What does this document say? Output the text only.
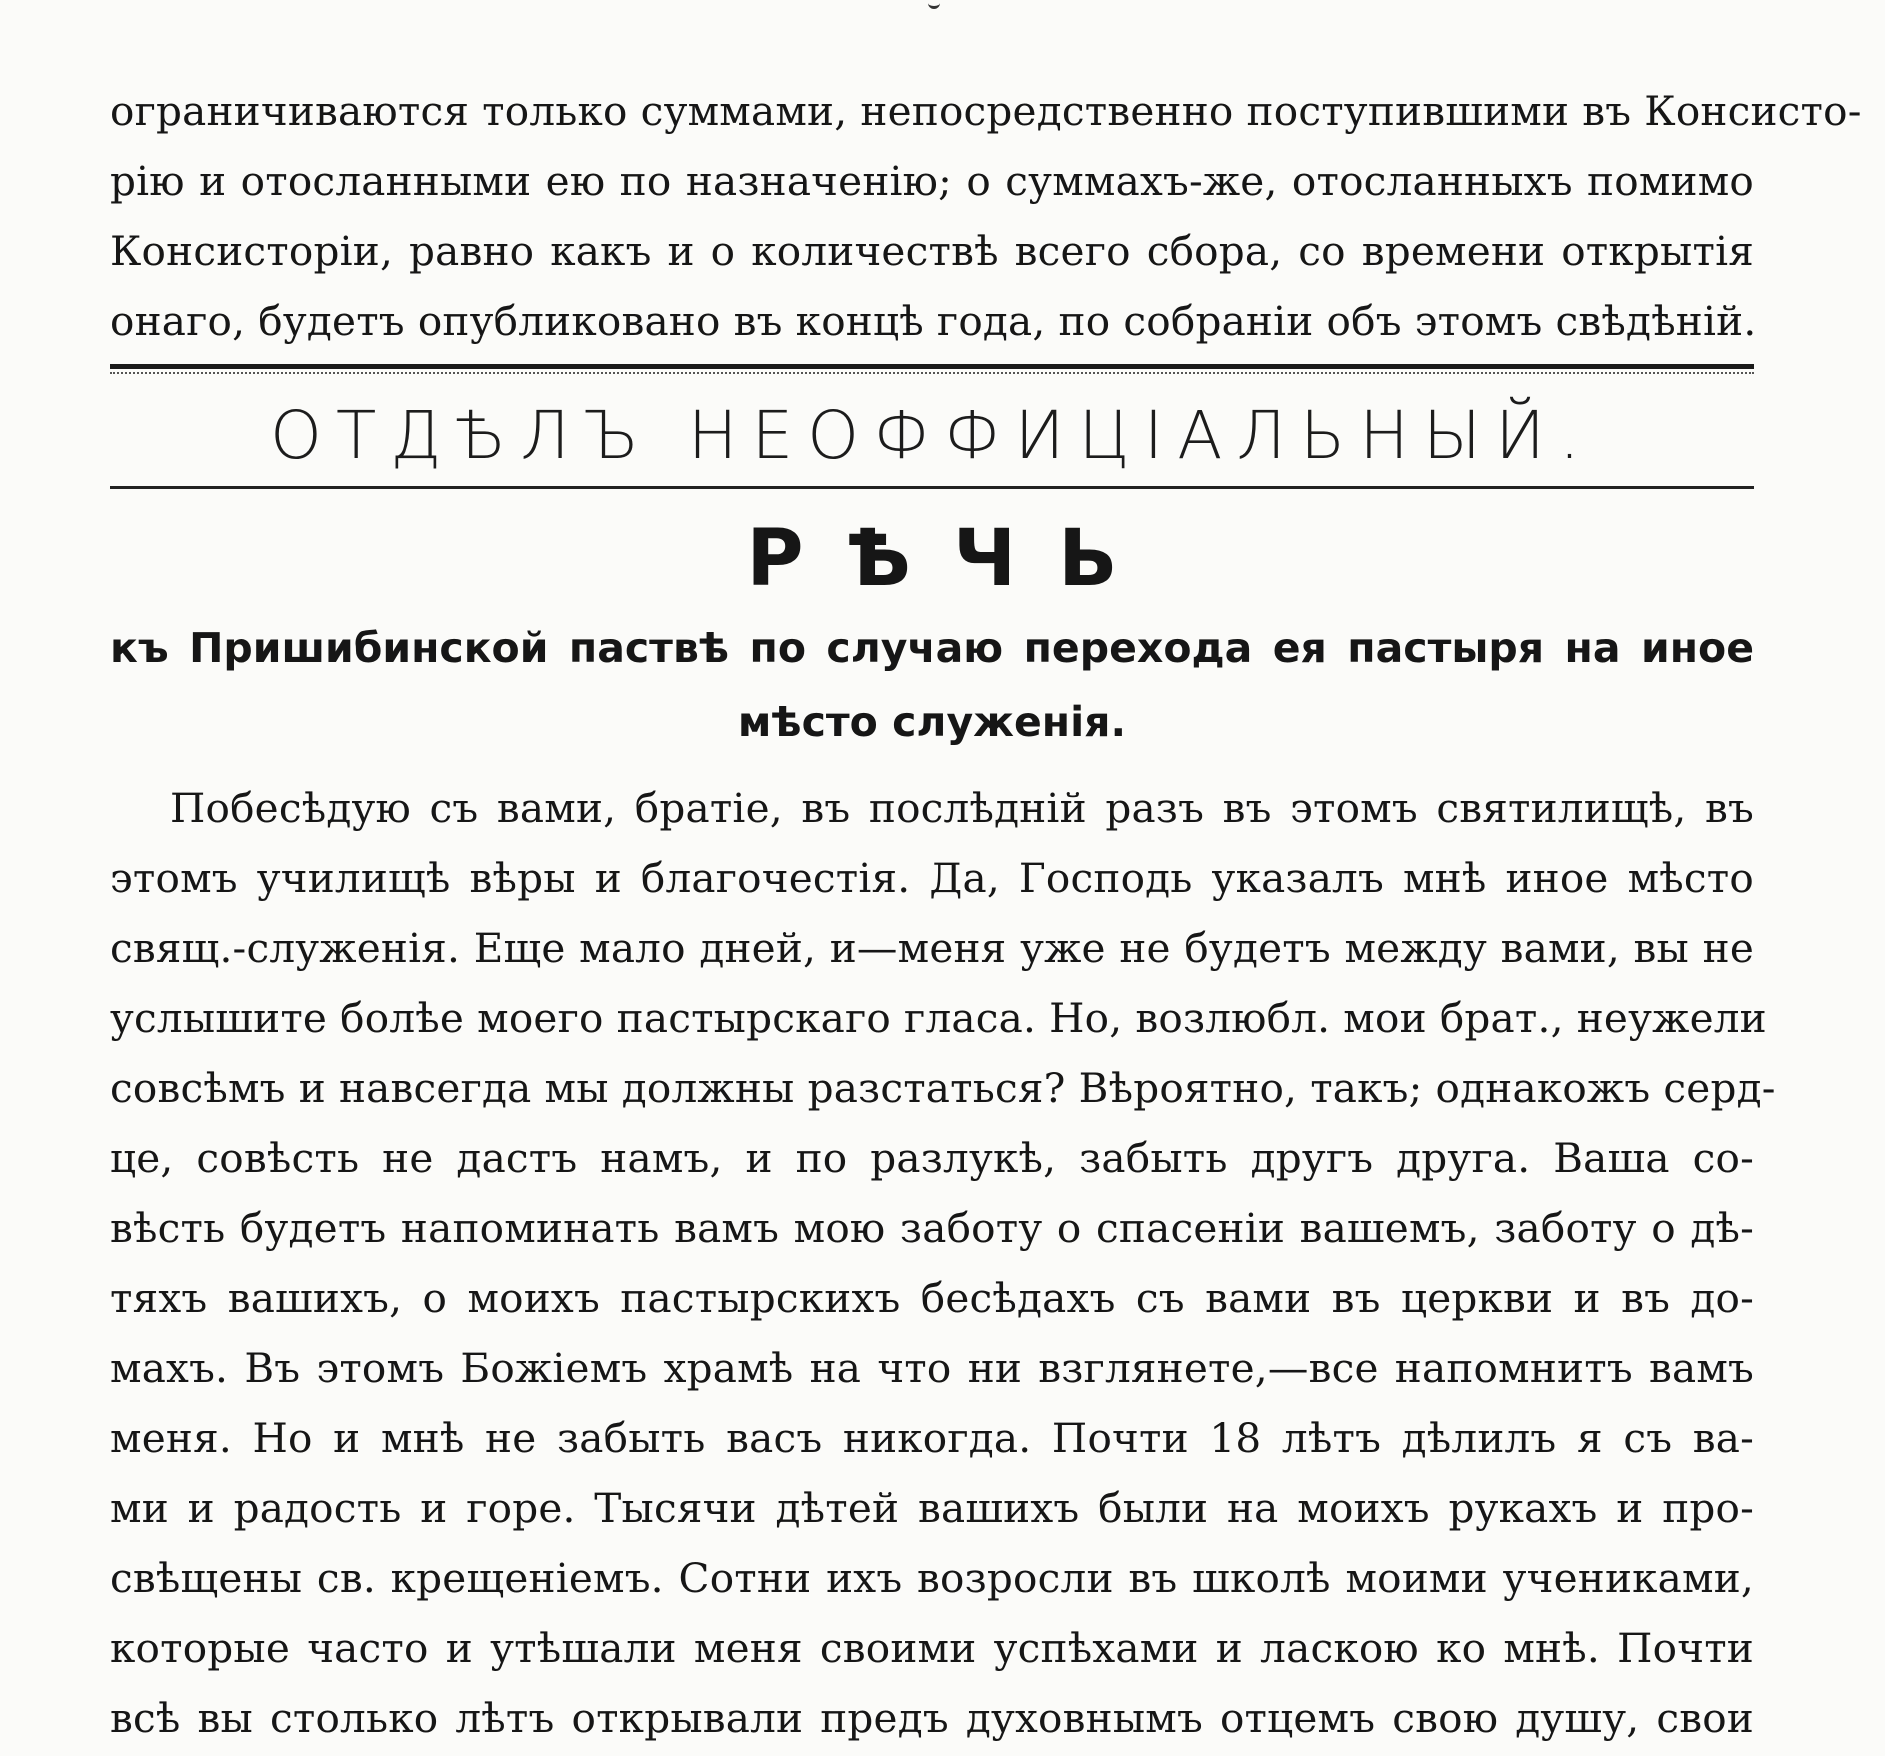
ограничиваются только суммами, непосредственно поступившими въ Консисто-
рію и отосланными ею по назначенію; о суммахъ-же, отосланныхъ помимо
Консисторіи, равно какъ и о количествѣ всего сбора, со времени открытія
онаго, будетъ опубликовано въ концѣ года, по собраніи объ этомъ свѣдѣній.
ОТДѢЛЪ НЕОФФИЦІАЛЬНЫЙ.
РѢЧЬ
къ Пришибинской паствѣ по случаю перехода ея пастыря на иное
мѣсто служенія.
Побесѣдую съ вами, братіе, въ послѣдній разъ въ этомъ святилищѣ, въ
этомъ училищѣ вѣры и благочестія. Да, Господь указалъ мнѣ иное мѣсто
свящ.-служенія. Еще мало дней, и—меня уже не будетъ между вами, вы не
услышите болѣе моего пастырскаго гласа. Но, возлюбл. мои брат., неужели
совсѣмъ и навсегда мы должны разстаться? Вѣроятно, такъ; однакожъ серд-
це, совѣсть не дастъ намъ, и по разлукѣ, забыть другъ друга. Ваша со-
вѣсть будетъ напоминать вамъ мою заботу о спасеніи вашемъ, заботу о дѣ-
тяхъ вашихъ, о моихъ пастырскихъ бесѣдахъ съ вами въ церкви и въ до-
махъ. Въ этомъ Божіемъ храмѣ на что ни взглянете,—все напомнитъ вамъ
меня. Но и мнѣ не забыть васъ никогда. Почти 18 лѣтъ дѣлилъ я съ ва-
ми и радость и горе. Тысячи дѣтей вашихъ были на моихъ рукахъ и про-
свѣщены св. крещеніемъ. Сотни ихъ возросли въ школѣ моими учениками,
которые часто и утѣшали меня своими успѣхами и ласкою ко мнѣ. Почти
всѣ вы столько лѣтъ открывали предъ духовнымъ отцемъ свою душу, свои
